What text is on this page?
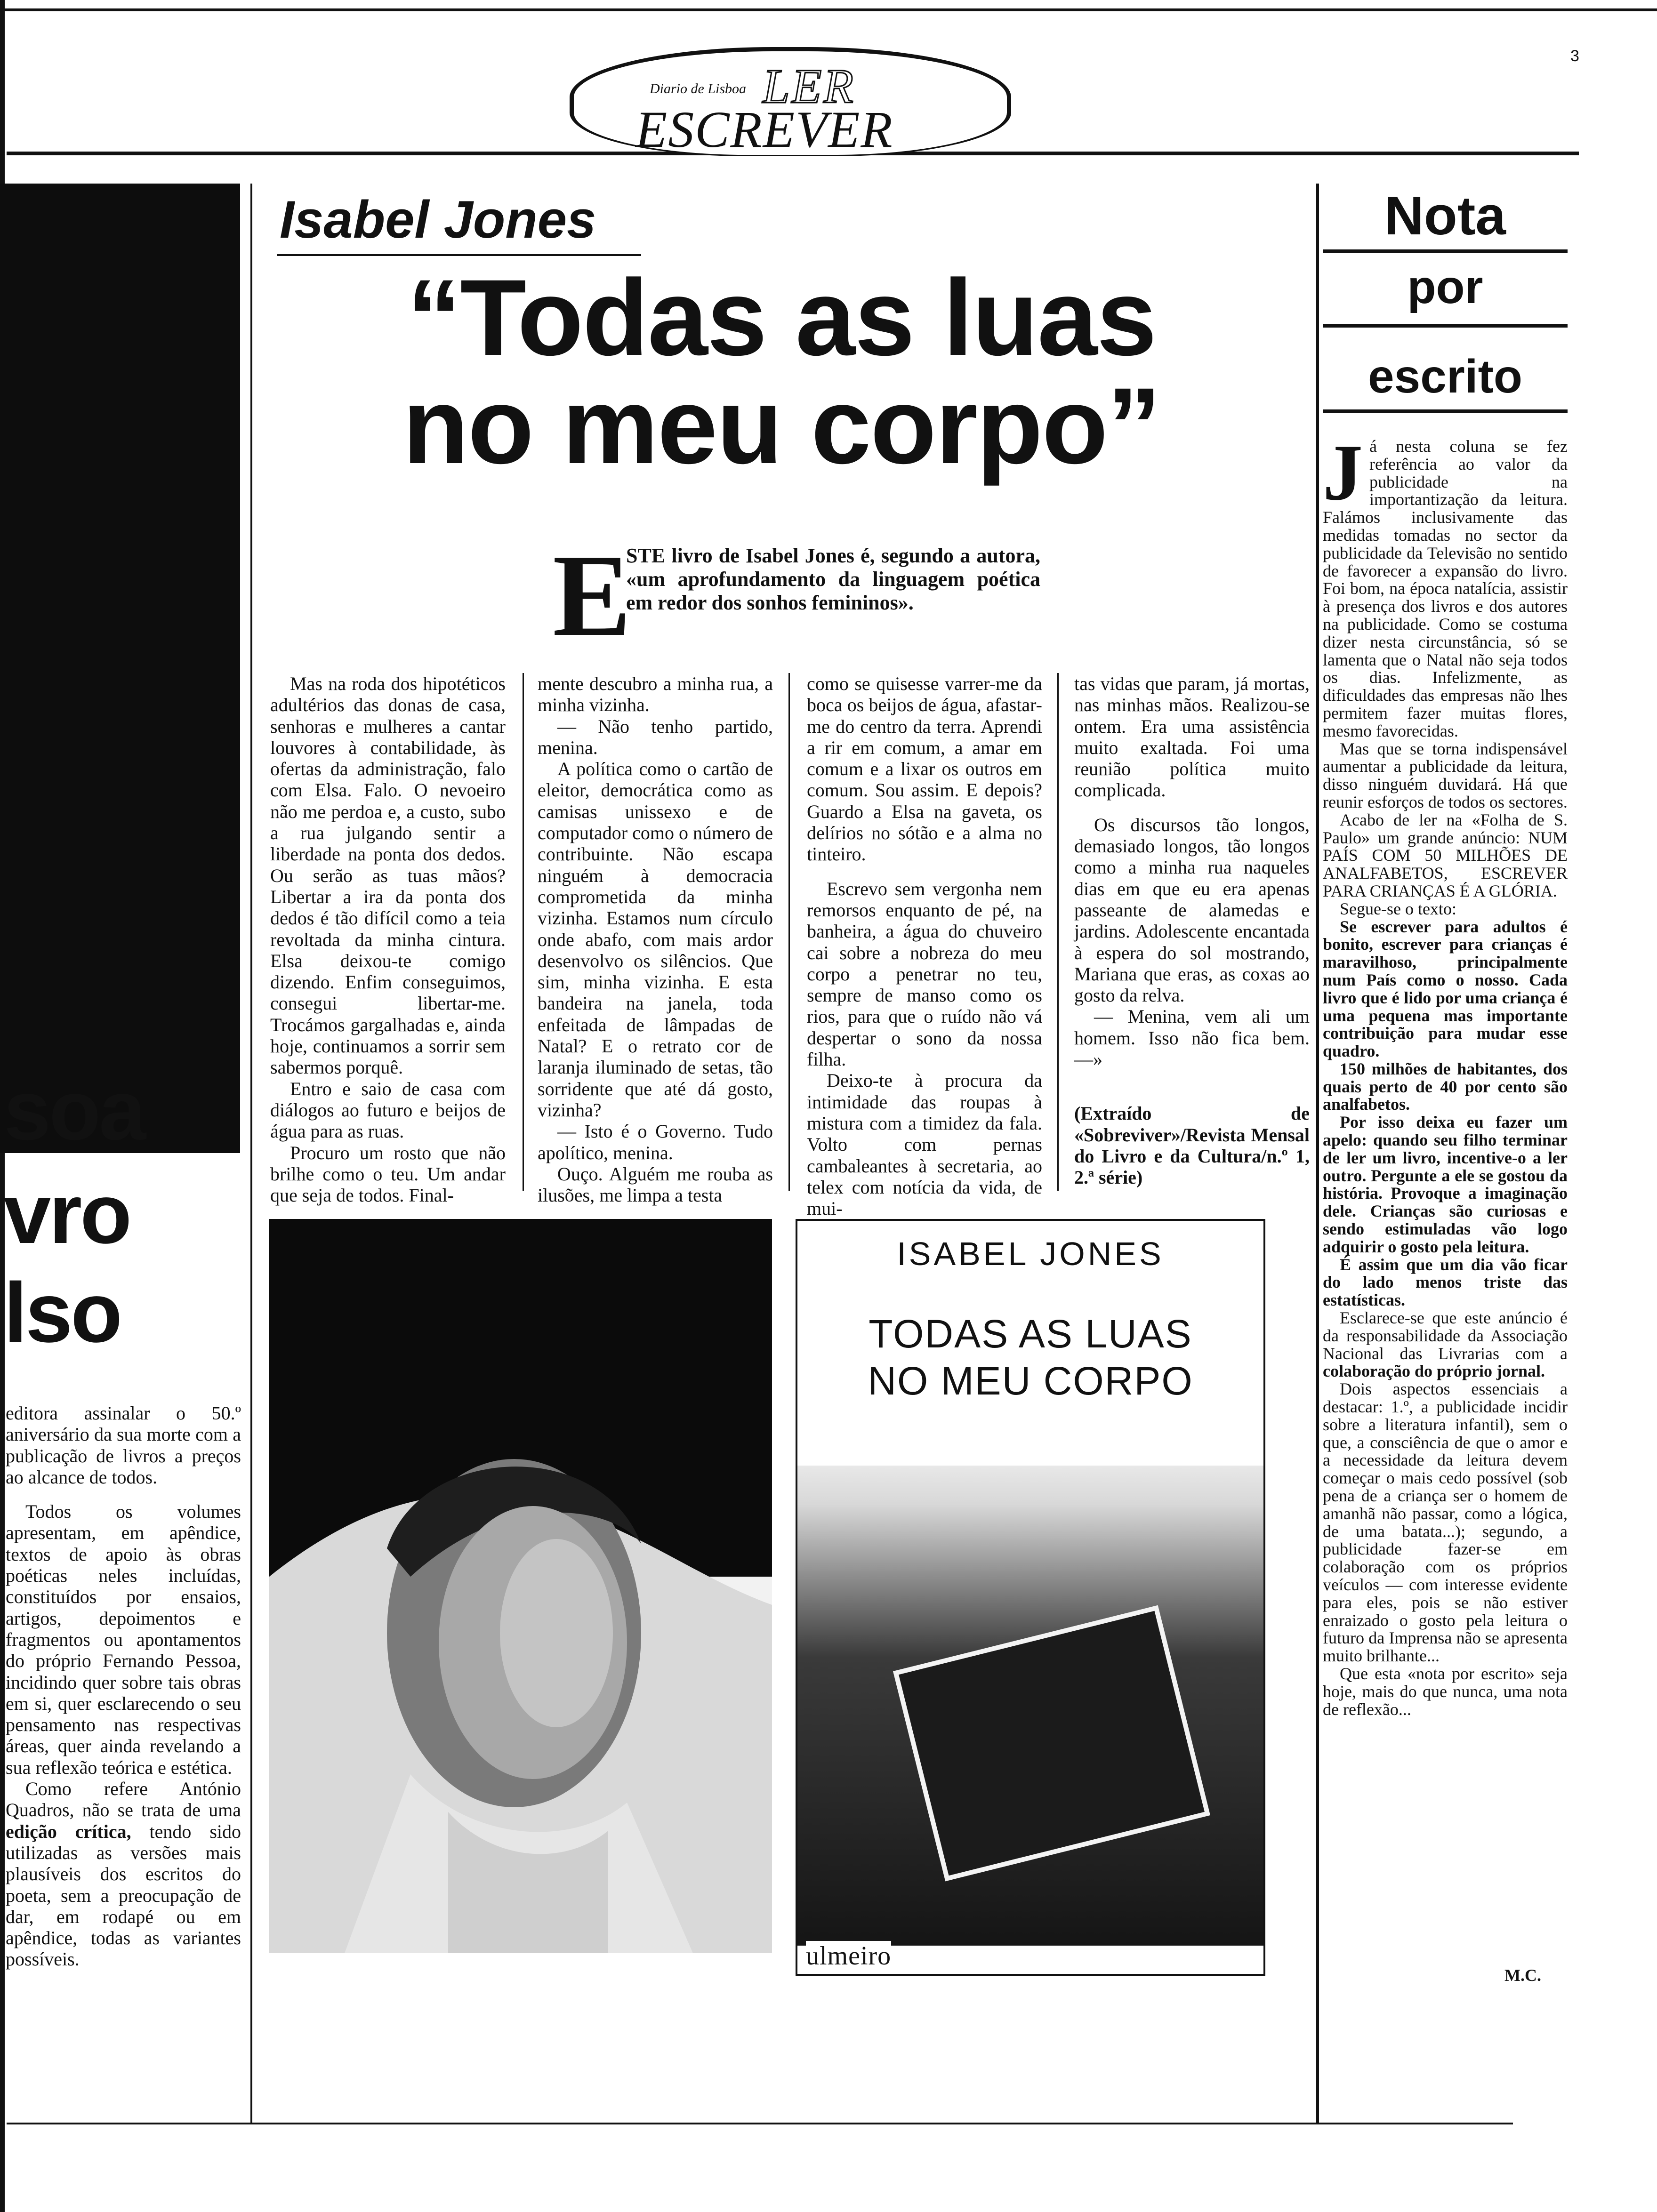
3
Diario de Lisboa LER
ESCREVER
soa
vro
lso

editora assinalar o 50.º aniversário da sua morte com a publicação de livros a preços ao alcance de todos.

Todos os volumes apresentam, em apêndice, textos de apoio às obras poéticas neles incluídas, constituídos por ensaios, artigos, depoimentos e fragmentos ou apontamentos do próprio Fernando Pessoa, incidindo quer sobre tais obras em si, quer esclarecendo o seu pensamento nas respectivas áreas, quer ainda revelando a sua reflexão teórica e estética.

Como refere António Quadros, não se trata de uma edição crítica, tendo sido utilizadas as versões mais plausíveis dos escritos do poeta, sem a preocupação de dar, em rodapé ou em apêndice, todas as variantes possíveis.

Isabel Jones
“Todas as luas
no meu corpo”
E
STE livro de Isabel Jones é, segundo a autora, «um aprofundamento da linguagem poética em redor dos sonhos femininos».

Mas na roda dos hipotéticos adultérios das donas de casa, senhoras e mulheres a cantar louvores à contabilidade, às ofertas da administração, falo com Elsa. Falo. O nevoeiro não me perdoa e, a custo, subo a rua julgando sentir a liberdade na ponta dos dedos. Ou serão as tuas mãos? Libertar a ira da ponta dos dedos é tão difícil como a teia revoltada da minha cintura. Elsa deixou-te comigo dizendo. Enfim conseguimos, consegui libertar-me. Trocámos gargalhadas e, ainda hoje, continuamos a sorrir sem sabermos porquê.

Entro e saio de casa com diálogos ao futuro e beijos de água para as ruas.

Procuro um rosto que não brilhe como o teu. Um andar que seja de todos. Final-

mente descubro a minha rua, a minha vizinha.

— Não tenho partido, menina.

A política como o cartão de eleitor, democrática como as camisas unissexo e de computador como o número de contribuinte. Não escapa ninguém à democracia comprometida da minha vizinha. Estamos num círculo onde abafo, com mais ardor desenvolvo os silêncios. Que sim, minha vizinha. E esta bandeira na janela, toda enfeitada de lâmpadas de Natal? E o retrato cor de laranja iluminado de setas, tão sorridente que até dá gosto, vizinha?

— Isto é o Governo. Tudo apolítico, menina.

Ouço. Alguém me rouba as ilusões, me limpa a testa

como se quisesse varrer-me da boca os beijos de água, afastar-me do centro da terra. Aprendi a rir em comum, a amar em comum e a lixar os outros em comum. Sou assim. E depois? Guardo a Elsa na gaveta, os delírios no sótão e a alma no tinteiro.

Escrevo sem vergonha nem remorsos enquanto de pé, na banheira, a água do chuveiro cai sobre a nobreza do meu corpo a penetrar no teu, sempre de manso como os rios, para que o ruído não vá despertar o sono da nossa filha.

Deixo-te à procura da intimidade das roupas à mistura com a timidez da fala. Volto com pernas cambaleantes à secretaria, ao telex com notícia da vida, de mui-

tas vidas que param, já mortas, nas minhas mãos. Realizou-se ontem. Era uma assistência muito exaltada. Foi uma reunião política muito complicada.

Os discursos tão longos, demasiado longos, tão longos como a minha rua naqueles dias em que eu era apenas passeante de alamedas e jardins. Adolescente encantada à espera do sol mostrando, Mariana que eras, as coxas ao gosto da relva.

— Menina, vem ali um homem. Isso não fica bem. —»

(Extraído de «Sobreviver»/Revista Mensal do Livro e da Cultura/n.º 1, 2.ª série)

ISABEL JONES
TODAS AS LUAS
NO MEU CORPO
ulmeiro
Nota
por
escrito

Já nesta coluna se fez referência ao valor da publicidade na importantização da leitura. Falámos inclusivamente das medidas tomadas no sector da publicidade da Televisão no sentido de favorecer a expansão do livro. Foi bom, na época natalícia, assistir à presença dos livros e dos autores na publicidade. Como se costuma dizer nesta circunstância, só se lamenta que o Natal não seja todos os dias. Infelizmente, as dificuldades das empresas não lhes permitem fazer muitas flores, mesmo favorecidas.

Mas que se torna indispensável aumentar a publicidade da leitura, disso ninguém duvidará. Há que reunir esforços de todos os sectores.

Acabo de ler na «Folha de S. Paulo» um grande anúncio: NUM PAÍS COM 50 MILHÕES DE ANALFABETOS, ESCREVER PARA CRIANÇAS É A GLÓRIA.

Segue-se o texto:

Se escrever para adultos é bonito, escrever para crianças é maravilhoso, principalmente num País como o nosso. Cada livro que é lido por uma criança é uma pequena mas importante contribuição para mudar esse quadro.

150 milhões de habitantes, dos quais perto de 40 por cento são analfabetos.

Por isso deixa eu fazer um apelo: quando seu filho terminar de ler um livro, incentive-o a ler outro. Pergunte a ele se gostou da história. Provoque a imaginação dele. Crianças são curiosas e sendo estimuladas vão logo adquirir o gosto pela leitura.

É assim que um dia vão ficar do lado menos triste das estatísticas.

Esclarece-se que este anúncio é da responsabilidade da Associação Nacional das Livrarias com a colaboração do próprio jornal.

Dois aspectos essenciais a destacar: 1.º, a publicidade incidir sobre a literatura infantil), sem o que, a consciência de que o amor e a necessidade da leitura devem começar o mais cedo possível (sob pena de a criança ser o homem de amanhã não passar, como a lógica, de uma batata...); segundo, a publicidade fazer-se em colaboração com os próprios veículos — com interesse evidente para eles, pois se não estiver enraizado o gosto pela leitura o futuro da Imprensa não se apresenta muito brilhante...

Que esta «nota por escrito» seja hoje, mais do que nunca, uma nota de reflexão...

M.C.
